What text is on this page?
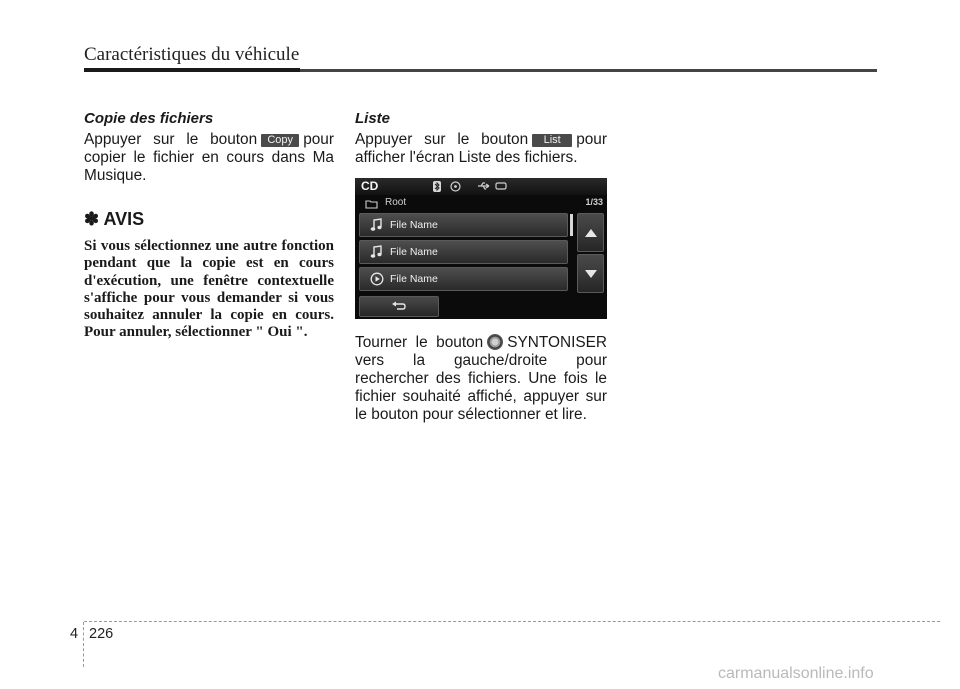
Caractéristiques du véhicule
Copie des fichiers

Appuyer sur le bouton Copy pour copier le fichier en cours dans Ma Musique.

✽ AVIS

Si vous sélectionnez une autre fonction pendant que la copie est en cours d'exécution, une fenêtre contextuelle s'affiche pour vous demander si vous souhaitez annuler la copie en cours. Pour annuler, sélectionner " Oui ".

Liste

Appuyer sur le bouton List pour afficher l'écran Liste des fichiers.

CD
Root	1/33
File Name
File Name
File Name

Tourner le bouton SYNTONISER vers la gauche/droite pour rechercher des fichiers. Une fois le fichier souhaité affiché, appuyer sur le bouton pour sélectionner et lire.

4 226
carmanualsonline.info
